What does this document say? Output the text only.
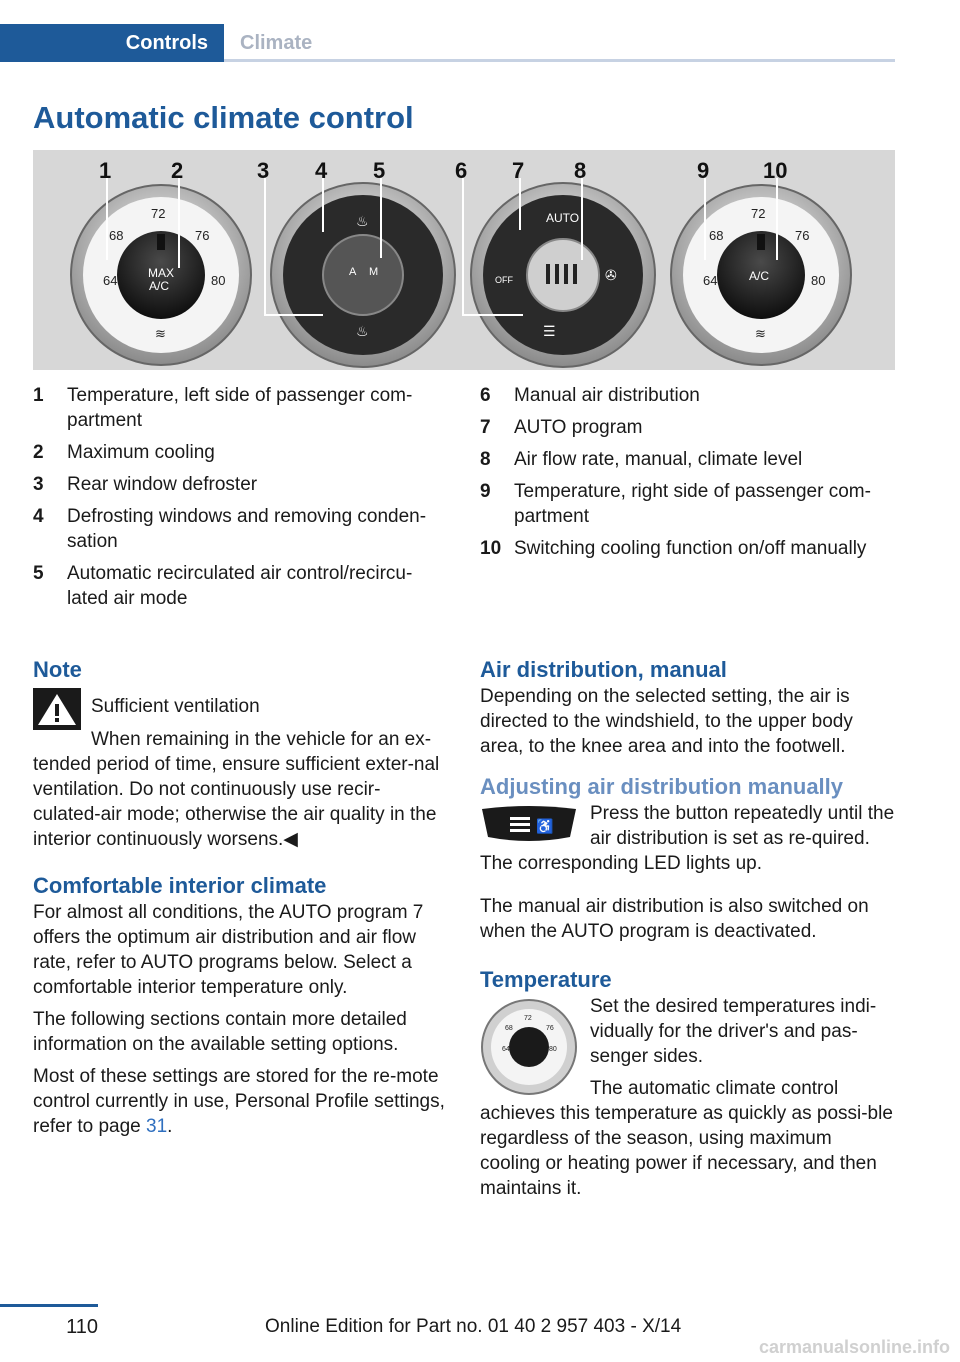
Controls	Climate
Automatic climate control
64
68
72
76
80
MAX
A/C
≋
A M
♨
♨
AUTO
OFF	✇
☰
64
68
72
76
80
A/C
≋
1	2	3 4 5	6 7 8	9 10
1 Temperature, left side of passenger com-partment
2 Maximum cooling
3 Rear window defroster
4 Defrosting windows and removing conden-sation
5 Automatic recirculated air control/recircu-lated air mode
6 Manual air distribution
7 AUTO program
8 Air flow rate, manual, climate level
9 Temperature, right side of passenger com-partment
10 Switching cooling function on/off manually
Note

Sufficient ventilation

When remaining in the vehicle for an ex-tended period of time, ensure sufficient exter-nal ventilation. Do not continuously use recir-culated-air mode; otherwise the air quality in the interior continuously worsens.◀

Comfortable interior climate

For almost all conditions, the AUTO program 7 offers the optimum air distribution and air flow rate, refer to AUTO programs below. Select a comfortable interior temperature only.

The following sections contain more detailed information on the available setting options.

Most of these settings are stored for the re-mote control currently in use, Personal Profile settings, refer to page 31.

Air distribution, manual

Depending on the selected setting, the air is directed to the windshield, to the upper body area, to the knee area and into the footwell.

Adjusting air distribution manually
♿

Press the button repeatedly until the air distribution is set as re-quired. The corresponding LED lights up.

The manual air distribution is also switched on when the AUTO program is deactivated.

Temperature
64
68
72
76
80

Set the desired temperatures indi-vidually for the driver's and pas-senger sides.

The automatic climate control achieves this temperature as quickly as possi-ble regardless of the season, using maximum cooling or heating power if necessary, and then maintains it.

110	Online Edition for Part no. 01 40 2 957 403 - X/14
carmanualsonline.info
